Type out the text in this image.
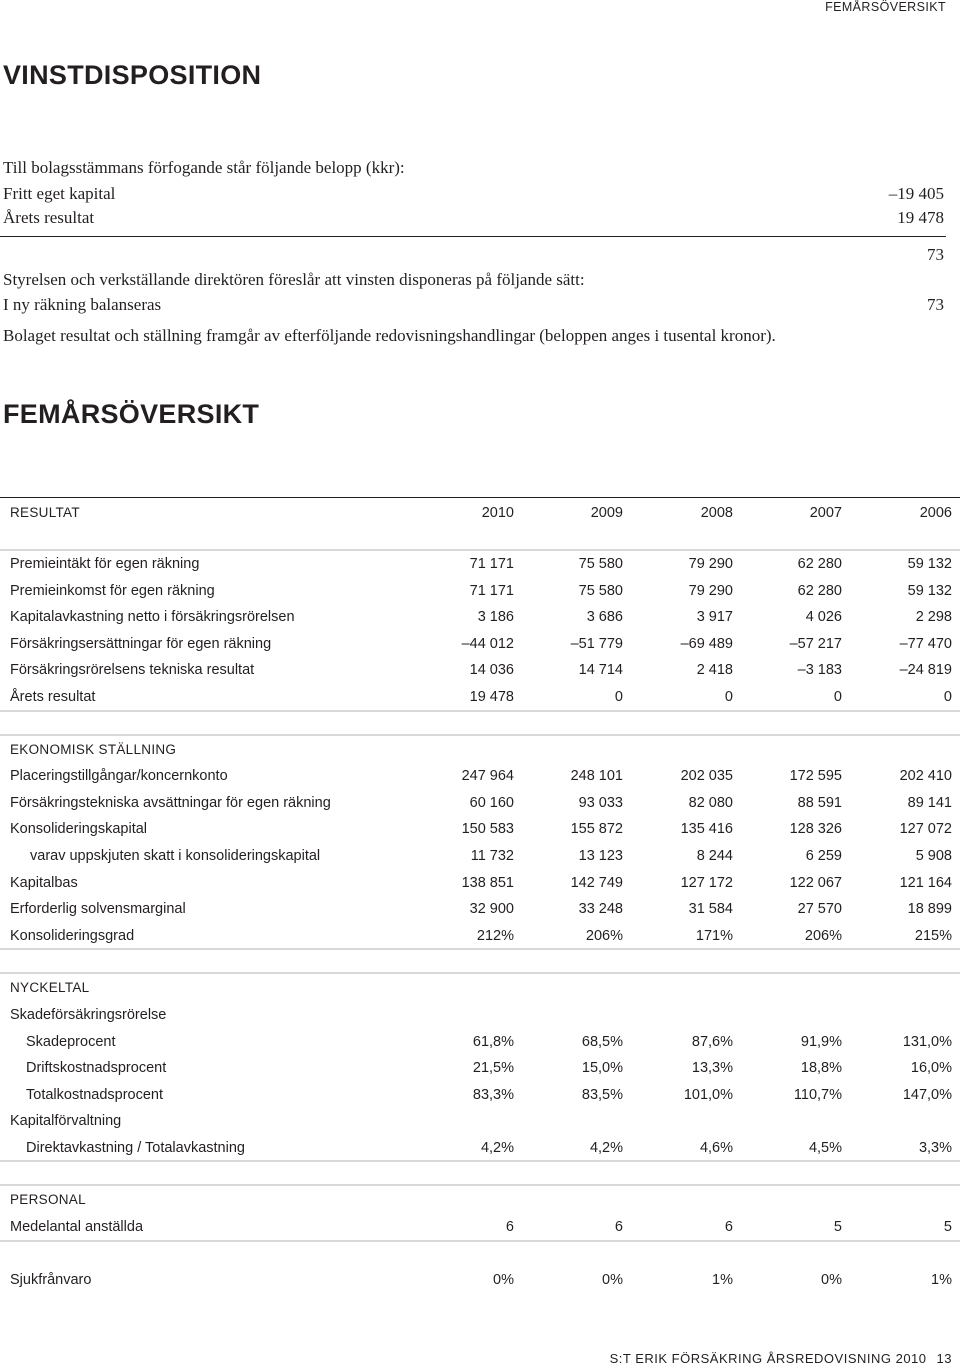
FEMÅRSÖVERSIKT
VINSTDISPOSITION
Till bolagsstämmans förfogande står följande belopp (kkr):
Fritt eget kapital	–19 405
Årets resultat	19 478
73
Styrelsen och verkställande direktören föreslår att vinsten disponeras på följande sätt:
I ny räkning balanseras	73
Bolaget resultat och ställning framgår av efterföljande redovisningshandlingar (beloppen anges i tusental kronor).
FEMÅRSÖVERSIKT
RESULTAT	2010	2009	2008	2007	2006
Premieintäkt för egen räkning	71 171	75 580	79 290	62 280	59 132
Premieinkomst för egen räkning	71 171	75 580	79 290	62 280	59 132
Kapitalavkastning netto i försäkringsrörelsen	3 186	3 686	3 917	4 026	2 298
Försäkringsersättningar för egen räkning	–44 012	–51 779	–69 489	–57 217	–77 470
Försäkringsrörelsens tekniska resultat	14 036	14 714	2 418	–3 183	–24 819
Årets resultat	19 478	0	0	0	0
EKONOMISK STÄLLNING
Placeringstillgångar/koncernkonto	247 964	248 101	202 035	172 595	202 410
Försäkringstekniska avsättningar för egen räkning	60 160	93 033	82 080	88 591	89 141
Konsolideringskapital	150 583	155 872	135 416	128 326	127 072
varav uppskjuten skatt i konsolideringskapital	11 732	13 123	8 244	6 259	5 908
Kapitalbas	138 851	142 749	127 172	122 067	121 164
Erforderlig solvensmarginal	32 900	33 248	31 584	27 570	18 899
Konsolideringsgrad	212%	206%	171%	206%	215%
NYCKELTAL
Skadeförsäkringsrörelse
Skadeprocent	61,8%	68,5%	87,6%	91,9%	131,0%
Driftskostnadsprocent	21,5%	15,0%	13,3%	18,8%	16,0%
Totalkostnadsprocent	83,3%	83,5%	101,0%	110,7%	147,0%
Kapitalförvaltning
Direktavkastning / Totalavkastning	4,2%	4,2%	4,6%	4,5%	3,3%
PERSONAL
Medelantal anställda	6	6	6	5	5
Sjukfrånvaro	0%	0%	1%	0%	1%
S:T ERIK FÖRSÄKRING ÅRSREDOVISNING 2010 13
